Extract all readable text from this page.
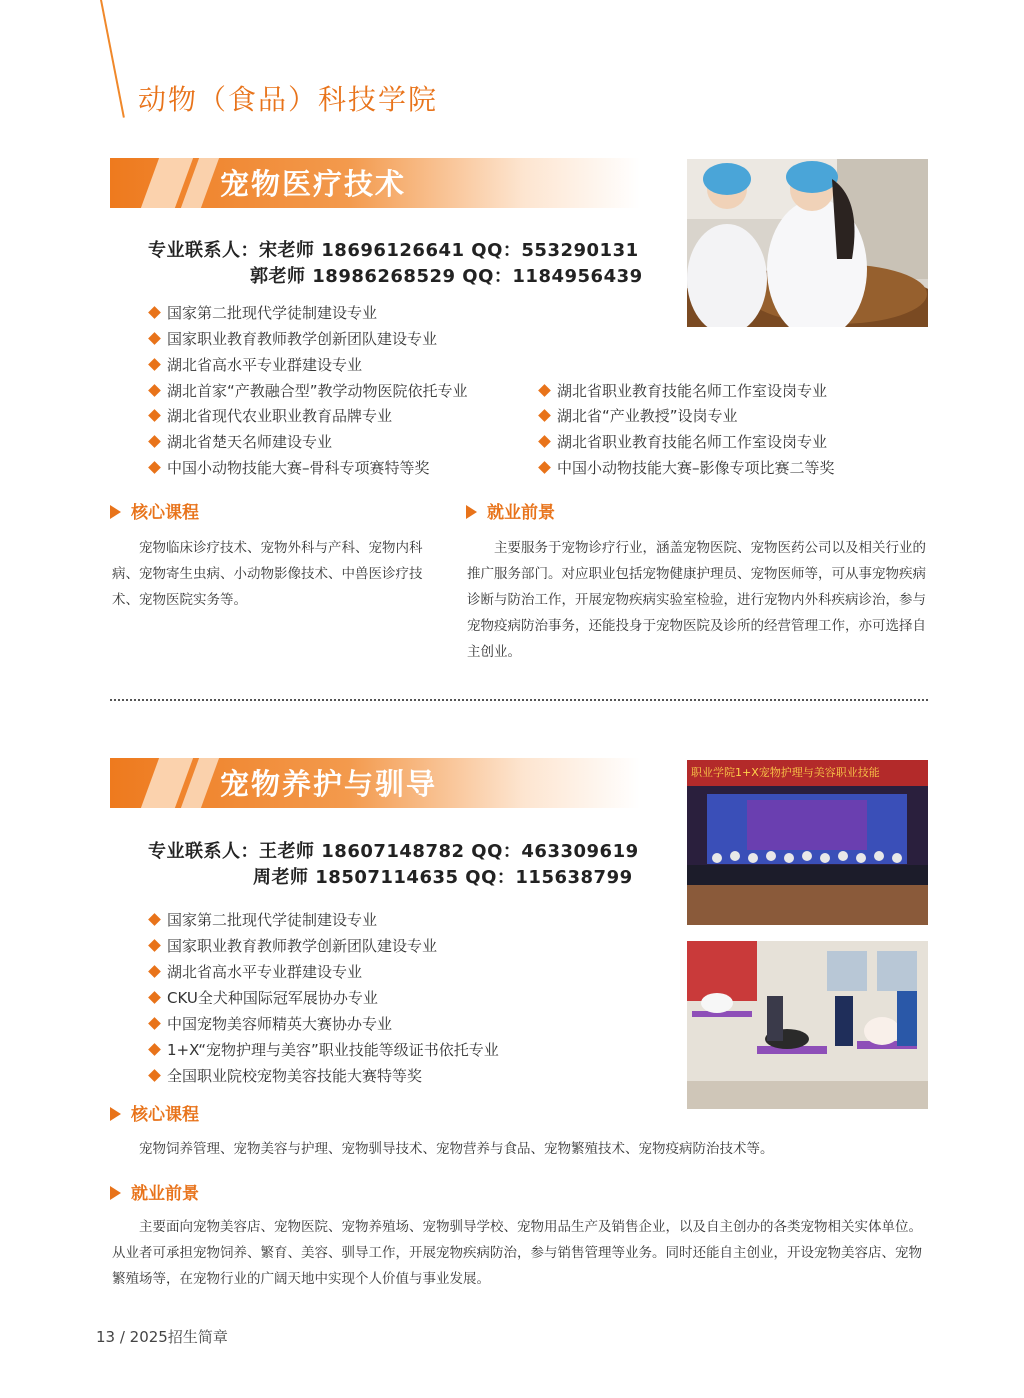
动物（食品）科技学院
宠物医疗技术
专业联系人：宋老师 18696126641 QQ：553290131
郭老师 18986268529 QQ：1184956439
国家第二批现代学徒制建设专业
国家职业教育教师教学创新团队建设专业
湖北省高水平专业群建设专业
湖北首家“产教融合型”教学动物医院依托专业
湖北省现代农业职业教育品牌专业
湖北省楚天名师建设专业
中国小动物技能大赛–骨科专项赛特等奖
湖北省职业教育技能名师工作室设岗专业
湖北省“产业教授”设岗专业
湖北省职业教育技能名师工作室设岗专业
中国小动物技能大赛–影像专项比赛二等奖
核心课程
宠物临床诊疗技术、宠物外科与产科、宠物内科病、宠物寄生虫病、小动物影像技术、中兽医诊疗技术、宠物医院实务等。
就业前景
主要服务于宠物诊疗行业，涵盖宠物医院、宠物医药公司以及相关行业的推广服务部门。对应职业包括宠物健康护理员、宠物医师等，可从事宠物疾病诊断与防治工作，开展宠物疾病实验室检验，进行宠物内外科疾病诊治，参与宠物疫病防治事务，还能投身于宠物医院及诊所的经营管理工作，亦可选择自主创业。
宠物养护与驯导	职业学院1+X宠物护理与美容职业技能
专业联系人：王老师 18607148782 QQ：463309619
周老师 18507114635 QQ：115638799
国家第二批现代学徒制建设专业
国家职业教育教师教学创新团队建设专业
湖北省高水平专业群建设专业
CKU全犬种国际冠军展协办专业
中国宠物美容师精英大赛协办专业
1+X“宠物护理与美容”职业技能等级证书依托专业
全国职业院校宠物美容技能大赛特等奖
核心课程
宠物饲养管理、宠物美容与护理、宠物驯导技术、宠物营养与食品、宠物繁殖技术、宠物疫病防治技术等。
就业前景
主要面向宠物美容店、宠物医院、宠物养殖场、宠物驯导学校、宠物用品生产及销售企业，以及自主创办的各类宠物相关实体单位。从业者可承担宠物饲养、繁育、美容、驯导工作，开展宠物疾病防治，参与销售管理等业务。同时还能自主创业，开设宠物美容店、宠物繁殖场等，在宠物行业的广阔天地中实现个人价值与事业发展。
13 / 2025招生简章
